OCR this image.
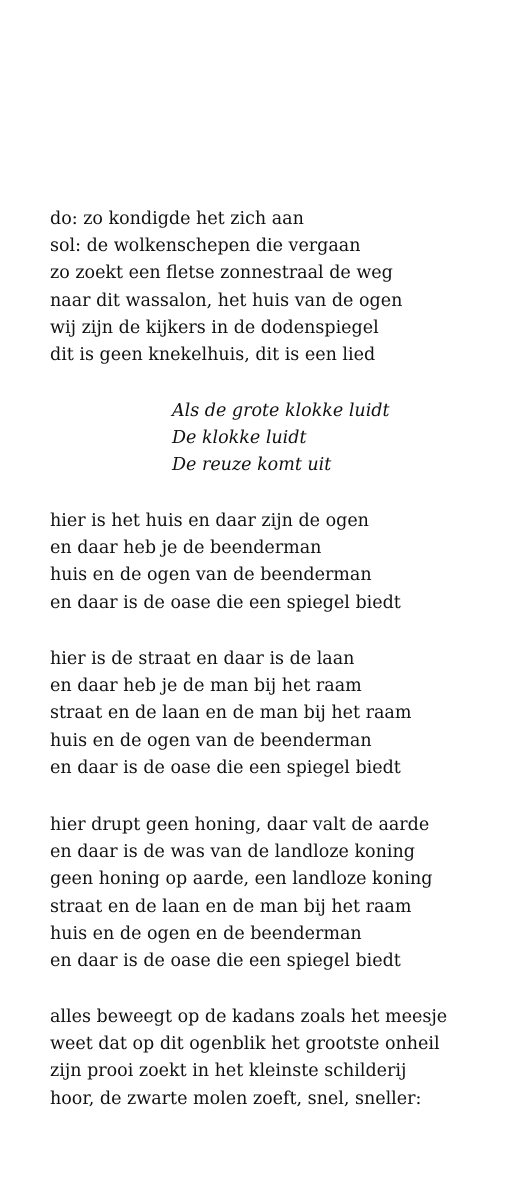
do: zo kondigde het zich aan
sol: de wolkenschepen die vergaan
zo zoekt een fletse zonnestraal de weg
naar dit wassalon, het huis van de ogen
wij zijn de kijkers in de dodenspiegel
dit is geen knekelhuis, dit is een lied
Als de grote klokke luidt
De klokke luidt
De reuze komt uit
hier is het huis en daar zijn de ogen
en daar heb je de beenderman
huis en de ogen van de beenderman
en daar is de oase die een spiegel biedt
hier is de straat en daar is de laan
en daar heb je de man bij het raam
straat en de laan en de man bij het raam
huis en de ogen van de beenderman
en daar is de oase die een spiegel biedt
hier drupt geen honing, daar valt de aarde
en daar is de was van de landloze koning
geen honing op aarde, een landloze koning
straat en de laan en de man bij het raam
huis en de ogen en de beenderman
en daar is de oase die een spiegel biedt
alles beweegt op de kadans zoals het meesje
weet dat op dit ogenblik het grootste onheil
zijn prooi zoekt in het kleinste schilderij
hoor, de zwarte molen zoeft, snel, sneller:
